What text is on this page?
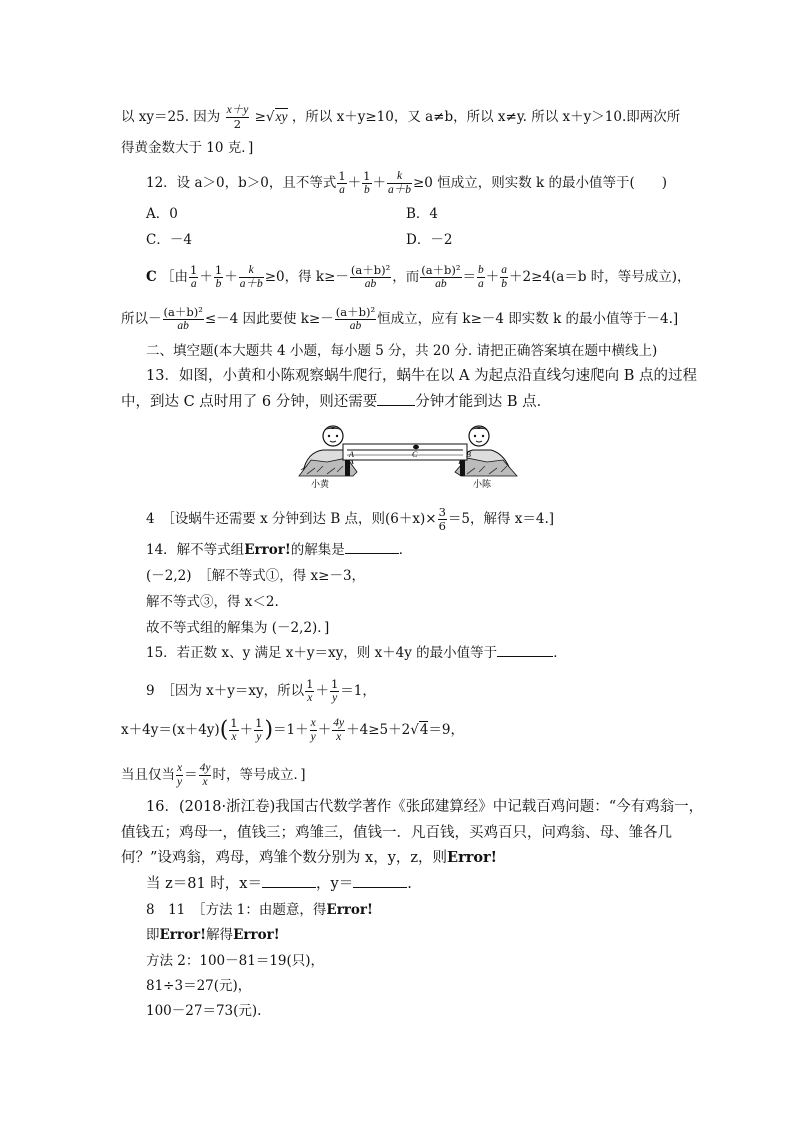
以 xy＝25. 因为 $\frac{x+y}{2} \ge√xy$ ，所以 x＋y≥10，又 a≠b，所以 x≠y. 所以 x＋y＞10.即两次所
得黄金数大于 10 克．]
12．设 a＞0，b＞0，且不等式 $\frac{1}{a} + \frac{1}{b} + \frac{k}{a+b} \ge 0$ 恒成立，则实数 k 的最小值等于(　　)
A．0	B．4
C．－4	D．－2
C ［由 $\frac{1}{a} + \frac{1}{b} + \frac{k}{a+b} \ge 0$，得 $k\ge- \frac{\text{(a＋b)²}}{ab}$ ，而 $\frac{\text{(a＋b)²}}{ab} = \frac{b}{a} + \frac{a}{b} +2\ge 4(a=b$ 时，等号成立)，
所以－ $\frac{\text{(a＋b)²}}{ab} \le-4$ 因此要使 $k\ge- \frac{\text{(a＋b)²}}{ab}$ 恒成立，应有 k≥－4 即实数 k 的最小值等于－4.]
二、填空题(本大题共 4 小题，每小题 5 分，共 20 分. 请把正确答案填在题中横线上)
13．如图，小黄和小陈观察蜗牛爬行，蜗牛在以 A 为起点沿直线匀速爬向 B 点的过程
中，到达 C 点时用了 6 分钟，则还需要	分钟才能到达 B 点．
A	C	B
小黄	小陈
4　［设蜗牛还需要 x 分钟到达 B 点，则$(6+x)\times \frac{3}{6} =5$，解得 x＝4.]
14．解不等式组Error!的解集是	．
(－2,2)　［解不等式①，得 x≥－3，
解不等式③，得 x＜2.
故不等式组的解集为 (－2,2)．]
15．若正数 x、y 满足 x＋y＝xy，则 x＋4y 的最小值等于	．
9　［因为 x＋y＝xy，所以 $\frac{1}{x} + \frac{1}{y} =1$，
$x+4y=(x+4y)( \frac{1}{x} + \frac{1}{y} )=1+ \frac{x}{y} + \frac{4y}{x} +4\ge 5+2√4=9$，
当且仅当 $\frac{x}{y} = \frac{4y}{x}$ 时，等号成立．]
16．(2018·浙江卷)我国古代数学著作《张邱建算经》中记载百鸡问题：“今有鸡翁一，
值钱五；鸡母一，值钱三；鸡雏三，值钱一．凡百钱，买鸡百只，问鸡翁、母、雏各几
何？”设鸡翁，鸡母，鸡雏个数分别为 x，y，z，则Error!
当 z＝81 时，x＝	，y＝	.
8　11　［方法 1：由题意，得Error!
即Error!解得Error!
方法 2：100－81＝19(只)，
81÷3＝27(元)，
100－27＝73(元).
